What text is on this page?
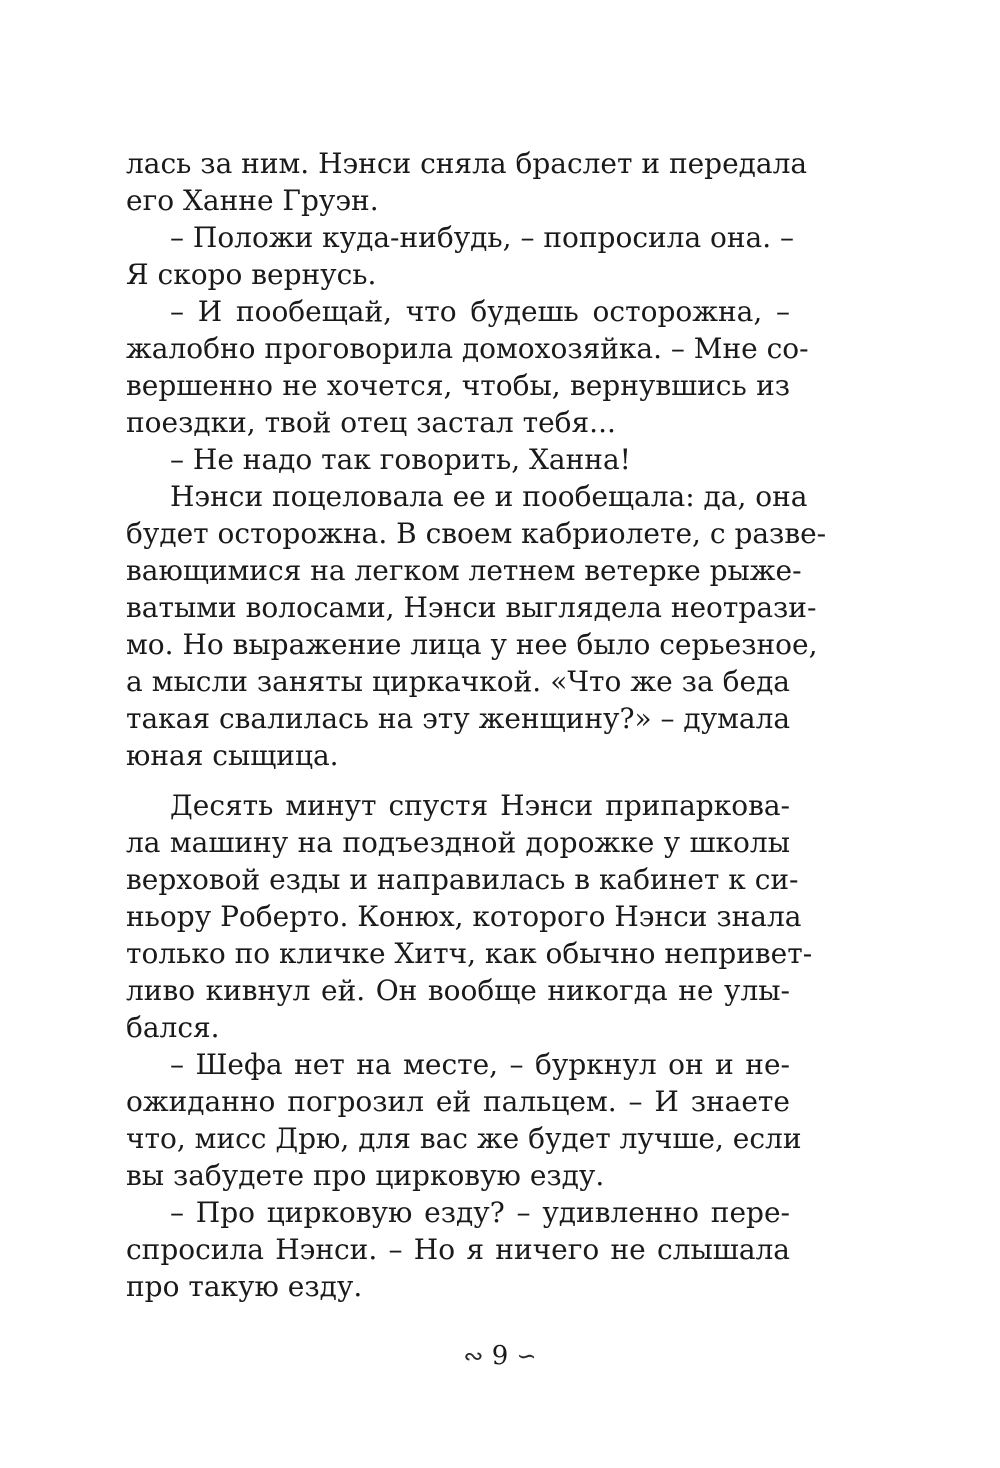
лась за ним. Нэнси сняла браслет и передала
его Ханне Груэн.
– Положи куда-нибудь, – попросила она. –
Я скоро вернусь.
– И пообещай, что будешь осторожна, –
жалобно проговорила домохозяйка. – Мне со-
вершенно не хочется, чтобы, вернувшись из
поездки, твой отец застал тебя...
– Не надо так говорить, Ханна!
Нэнси поцеловала ее и пообещала: да, она
будет осторожна. В своем кабриолете, с разве-
вающимися на легком летнем ветерке рыже-
ватыми волосами, Нэнси выглядела неотрази-
мо. Но выражение лица у нее было серьезное,
а мысли заняты циркачкой. «Что же за беда
такая свалилась на эту женщину?» – думала
юная сыщица.
Десять минут спустя Нэнси припаркова-
ла машину на подъездной дорожке у школы
верховой езды и направилась в кабинет к си-
ньору Роберто. Конюх, которого Нэнси знала
только по кличке Хитч, как обычно непривет-
ливо кивнул ей. Он вообще никогда не улы-
бался.
– Шефа нет на месте, – буркнул он и не-
ожиданно погрозил ей пальцем. – И знаете
что, мисс Дрю, для вас же будет лучше, если
вы забудете про цирковую езду.
– Про цирковую езду? – удивленно пере-
спросила Нэнси. – Но я ничего не слышала
про такую езду.
∾ 9 ∽
